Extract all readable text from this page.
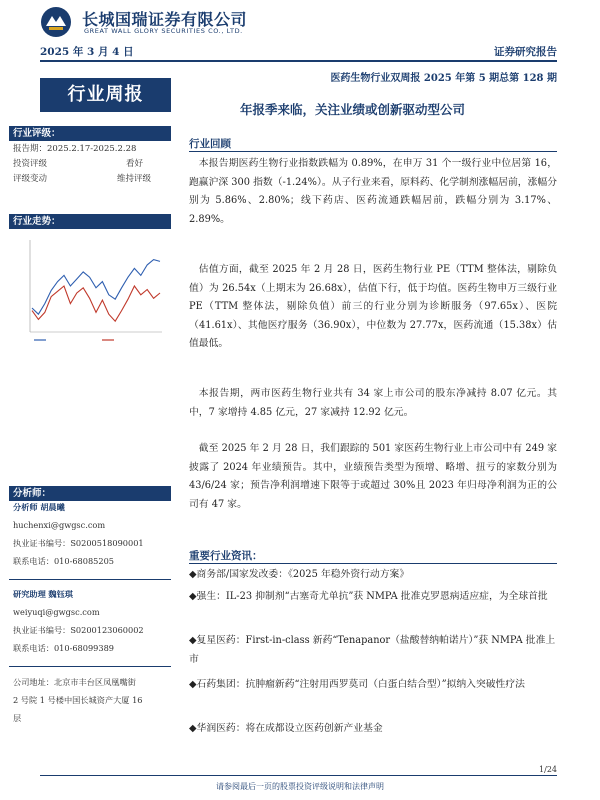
长城国瑞证券有限公司
GREAT WALL GLORY SECURITIES CO., LTD.
2025 年 3 月 4 日	证券研究报告
医药生物行业双周报 2025 年第 5 期总第 128 期
行业周报
年报季来临，关注业绩或创新驱动型公司
行业评级：
报告期：2025.2.17-2025.2.28
投资评级	看好
评级变动	维持评级
行业走势：
分析师：
分析师 胡晨曦
huchenxi@gwgsc.com
执业证书编号：S0200518090001
联系电话：010-68085205
研究助理 魏钰琪
weiyuqi@gwgsc.com
执业证书编号：S0200123060002
联系电话：010-68099389
公司地址：北京市丰台区凤凰嘴街
2 号院 1 号楼中国长城资产大厦 16
层
行业回顾

本报告期医药生物行业指数跌幅为 0.89%，在申万 31 个一级行业中位居第 16，跑赢沪深 300 指数（-1.24%）。从子行业来看，原料药、化学制剂涨幅居前，涨幅分别为 5.86%、2.80%；线下药店、医药流通跌幅居前，跌幅分别为 3.17%、2.89%。

估值方面，截至 2025 年 2 月 28 日，医药生物行业 PE（TTM 整体法，剔除负值）为 26.54x（上期末为 26.68x），估值下行，低于均值。医药生物申万三级行业 PE（TTM 整体法，剔除负值）前三的行业分别为诊断服务（97.65x）、医院（41.61x）、其他医疗服务（36.90x），中位数为 27.77x，医药流通（15.38x）估值最低。

本报告期，两市医药生物行业共有 34 家上市公司的股东净减持 8.07 亿元。其中，7 家增持 4.85 亿元，27 家减持 12.92 亿元。

截至 2025 年 2 月 28 日，我们跟踪的 501 家医药生物行业上市公司中有 249 家披露了 2024 年业绩预告。其中，业绩预告类型为预增、略增、扭亏的家数分别为 43/6/24 家；预告净利润增速下限等于或超过 30%且 2023 年归母净利润为正的公司有 47 家。

重要行业资讯：
◆商务部/国家发改委：《2025 年稳外资行动方案》
◆强生：IL-23 抑制剂“古塞奇尤单抗”获 NMPA 批准克罗恩病适应症，为全球首批
◆复星医药：First-in-class 新药“Tenapanor（盐酸替纳帕诺片）”获 NMPA 批准上市
◆石药集团：抗肿瘤新药“注射用西罗莫司（白蛋白结合型）”拟纳入突破性疗法
◆华润医药：将在成都设立医药创新产业基金
1/24
请参阅最后一页的股票投资评级说明和法律声明
